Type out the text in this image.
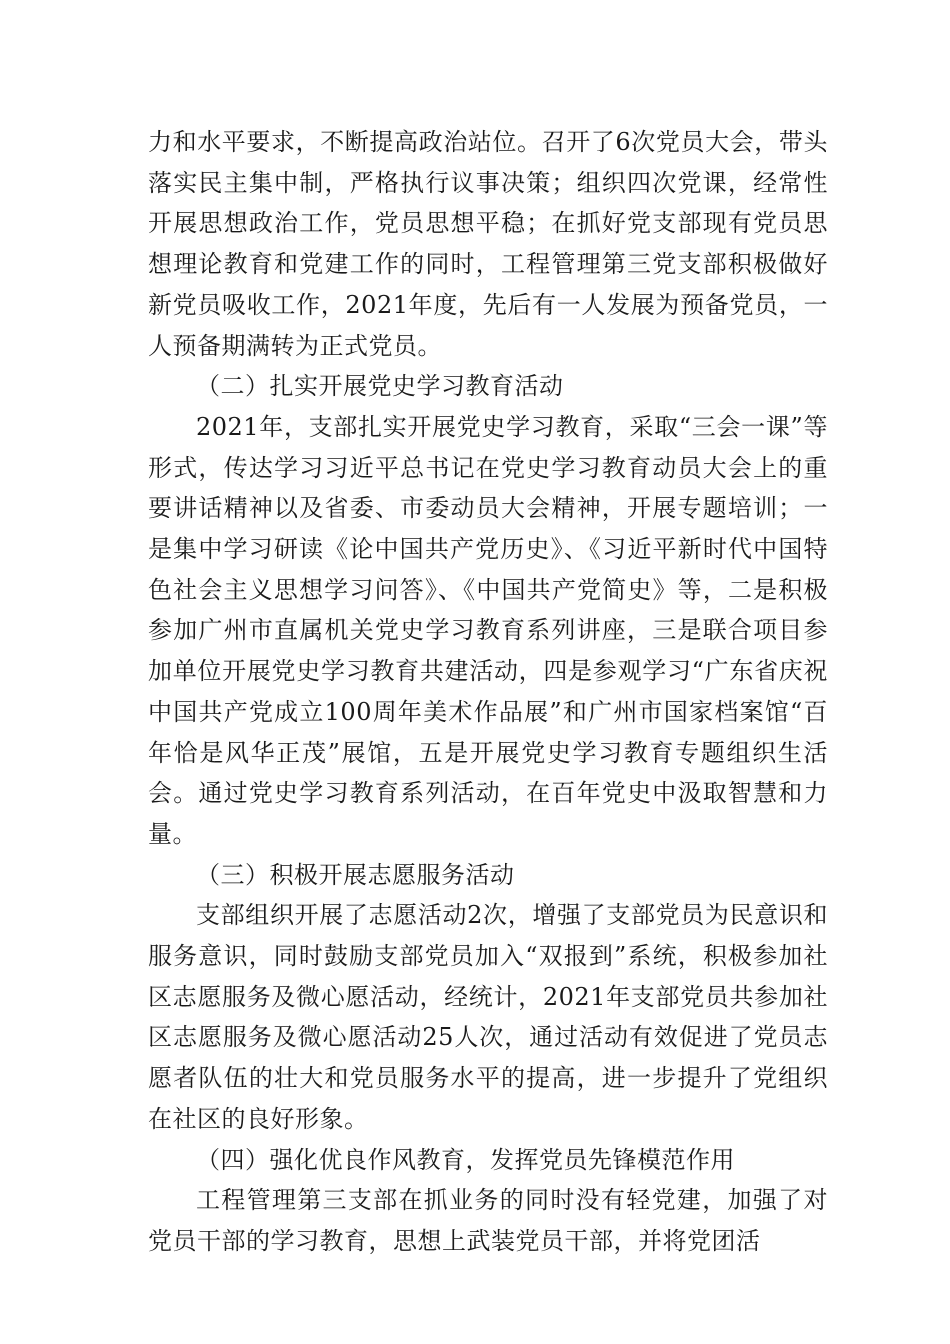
力和水平要求，不断提高政治站位。召开了6次党员大会，带头落实民主集中制，严格执行议事决策；组织四次党课，经常性开展思想政治工作，党员思想平稳；在抓好党支部现有党员思想理论教育和党建工作的同时，工程管理第三党支部积极做好新党员吸收工作，2021年度，先后有一人发展为预备党员，一人预备期满转为正式党员。

（二）扎实开展党史学习教育活动

2021年，支部扎实开展党史学习教育，采取“三会一课”等形式，传达学习习近平总书记在党史学习教育动员大会上的重要讲话精神以及省委、市委动员大会精神，开展专题培训；一是集中学习研读《论中国共产党历史》、《习近平新时代中国特色社会主义思想学习问答》、《中国共产党简史》等，二是积极参加广州市直属机关党史学习教育系列讲座，三是联合项目参加单位开展党史学习教育共建活动，四是参观学习“广东省庆祝中国共产党成立100周年美术作品展”和广州市国家档案馆“百年恰是风华正茂”展馆，五是开展党史学习教育专题组织生活会。通过党史学习教育系列活动，在百年党史中汲取智慧和力量。

（三）积极开展志愿服务活动

支部组织开展了志愿活动2次，增强了支部党员为民意识和服务意识，同时鼓励支部党员加入“双报到”系统，积极参加社区志愿服务及微心愿活动，经统计，2021年支部党员共参加社区志愿服务及微心愿活动25人次，通过活动有效促进了党员志愿者队伍的壮大和党员服务水平的提高，进一步提升了党组织在社区的良好形象。

（四）强化优良作风教育，发挥党员先锋模范作用

工程管理第三支部在抓业务的同时没有轻党建，加强了对党员干部的学习教育，思想上武装党员干部，并将党团活
